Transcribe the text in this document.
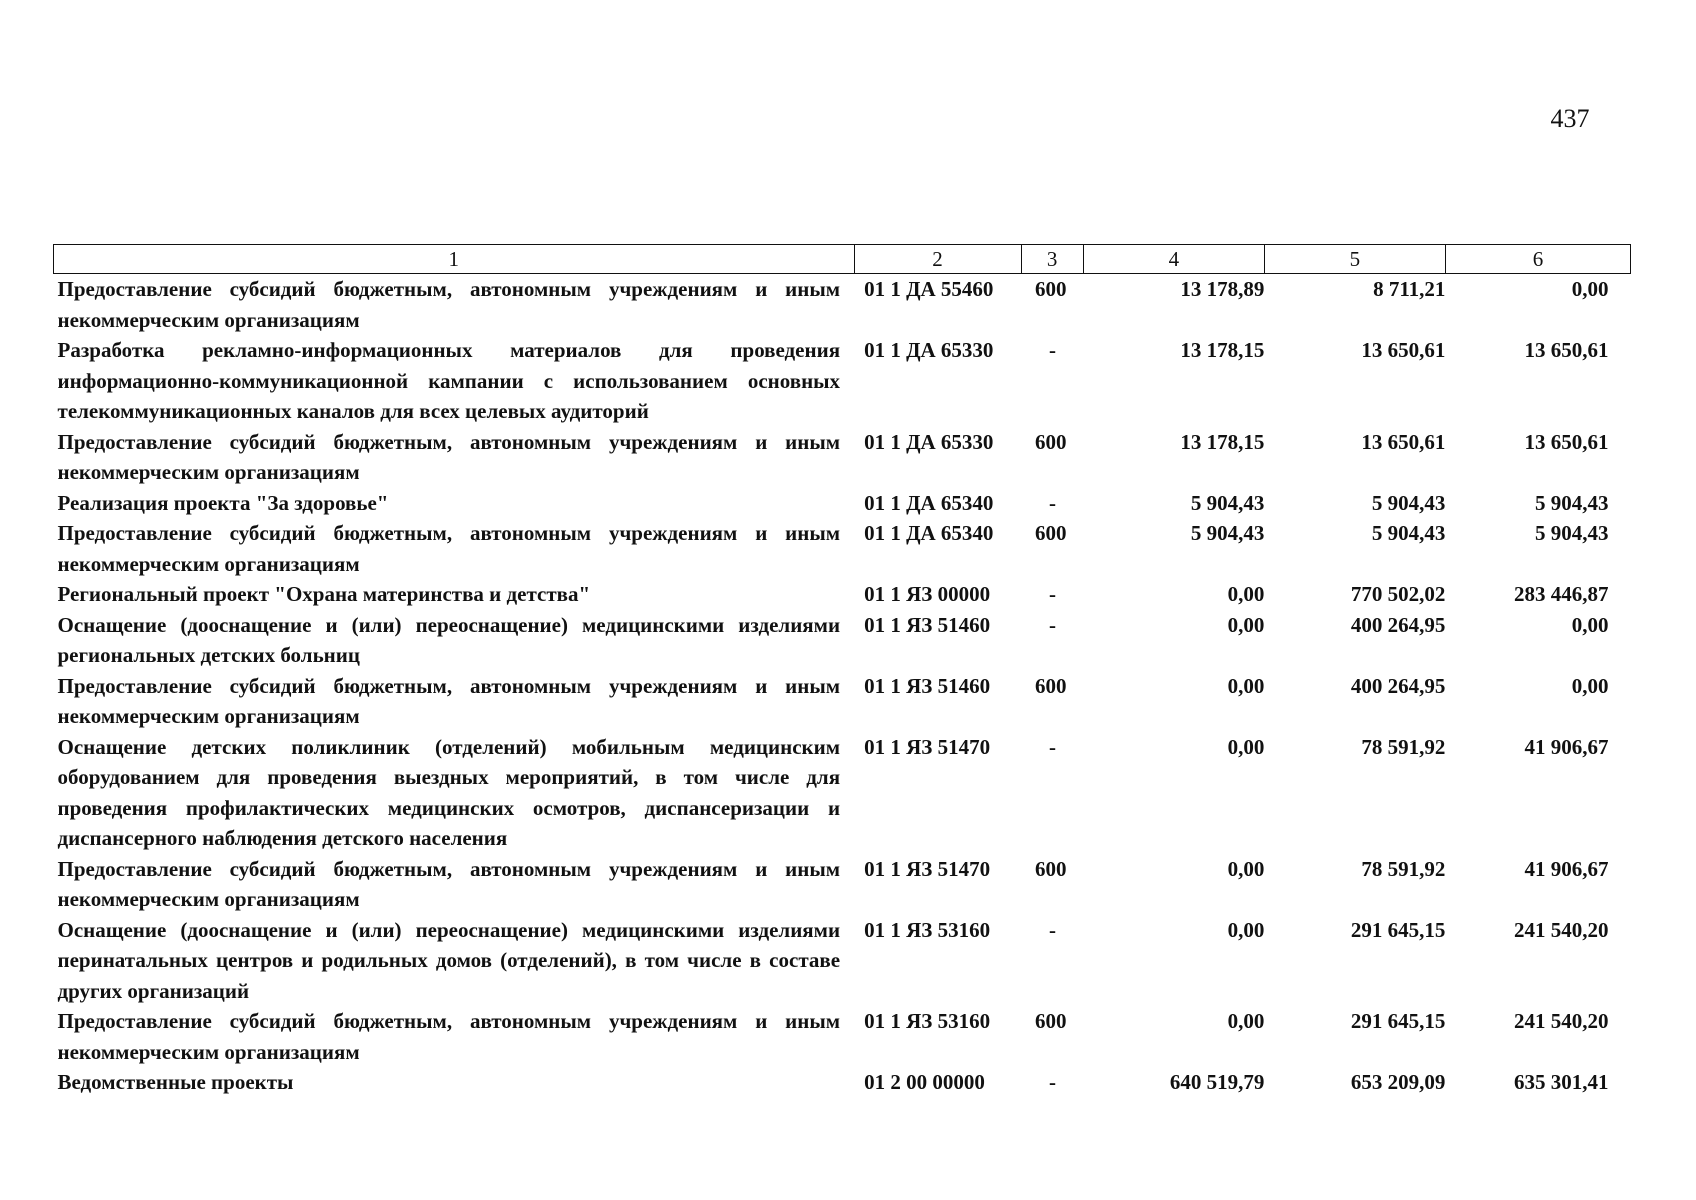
437
1	2	3	4	5	6
Предоставление субсидий бюджетным, автономным учреждениям и иным некоммерческим организациям	01 1 ДА 55460	600	13 178,89	8 711,21	0,00
Разработка рекламно-информационных материалов для проведения информационно-коммуникационной кампании с использованием основных телекоммуникационных каналов для всех целевых аудиторий	01 1 ДА 65330	-	13 178,15	13 650,61	13 650,61
Предоставление субсидий бюджетным, автономным учреждениям и иным некоммерческим организациям	01 1 ДА 65330	600	13 178,15	13 650,61	13 650,61
Реализация проекта "За здоровье"	01 1 ДА 65340	-	5 904,43	5 904,43	5 904,43
Предоставление субсидий бюджетным, автономным учреждениям и иным некоммерческим организациям	01 1 ДА 65340	600	5 904,43	5 904,43	5 904,43
Региональный проект "Охрана материнства и детства"	01 1 ЯЗ 00000	-	0,00	770 502,02	283 446,87
Оснащение (дооснащение и (или) переоснащение) медицинскими изделиями региональных детских больниц	01 1 ЯЗ 51460	-	0,00	400 264,95	0,00
Предоставление субсидий бюджетным, автономным учреждениям и иным некоммерческим организациям	01 1 ЯЗ 51460	600	0,00	400 264,95	0,00
Оснащение детских поликлиник (отделений) мобильным медицинским оборудованием для проведения выездных мероприятий, в том числе для проведения профилактических медицинских осмотров, диспансеризации и диспансерного наблюдения детского населения	01 1 ЯЗ 51470	-	0,00	78 591,92	41 906,67
Предоставление субсидий бюджетным, автономным учреждениям и иным некоммерческим организациям	01 1 ЯЗ 51470	600	0,00	78 591,92	41 906,67
Оснащение (дооснащение и (или) переоснащение) медицинскими изделиями перинатальных центров и родильных домов (отделений), в том числе в составе других организаций	01 1 ЯЗ 53160	-	0,00	291 645,15	241 540,20
Предоставление субсидий бюджетным, автономным учреждениям и иным некоммерческим организациям	01 1 ЯЗ 53160	600	0,00	291 645,15	241 540,20
Ведомственные проекты	01 2 00 00000	-	640 519,79	653 209,09	635 301,41
